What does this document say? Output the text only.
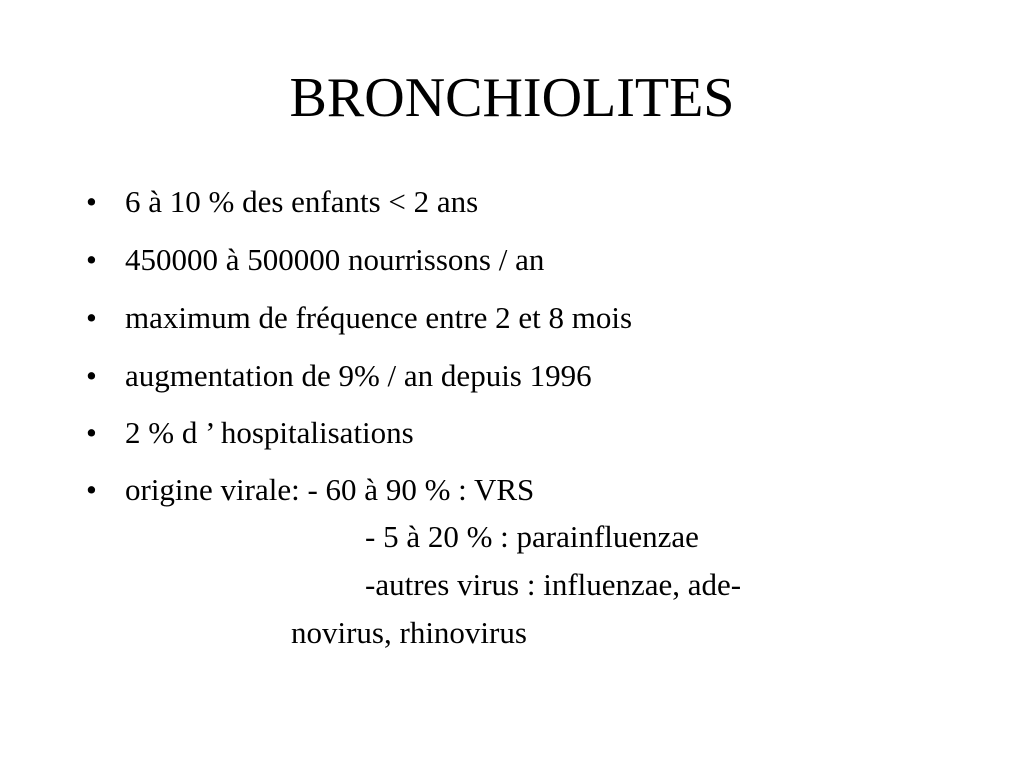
BRONCHIOLITES
• 6 à 10 % des enfants < 2 ans
• 450000 à 500000 nourrissons / an
• maximum de fréquence entre 2 et 8 mois
• augmentation de 9% / an depuis 1996
• 2 % d ’ hospitalisations
• origine virale: - 60 à 90 % : VRS
- 5 à 20 % : parainfluenzae
-autres virus : influenzae, ade-
novirus, rhinovirus
